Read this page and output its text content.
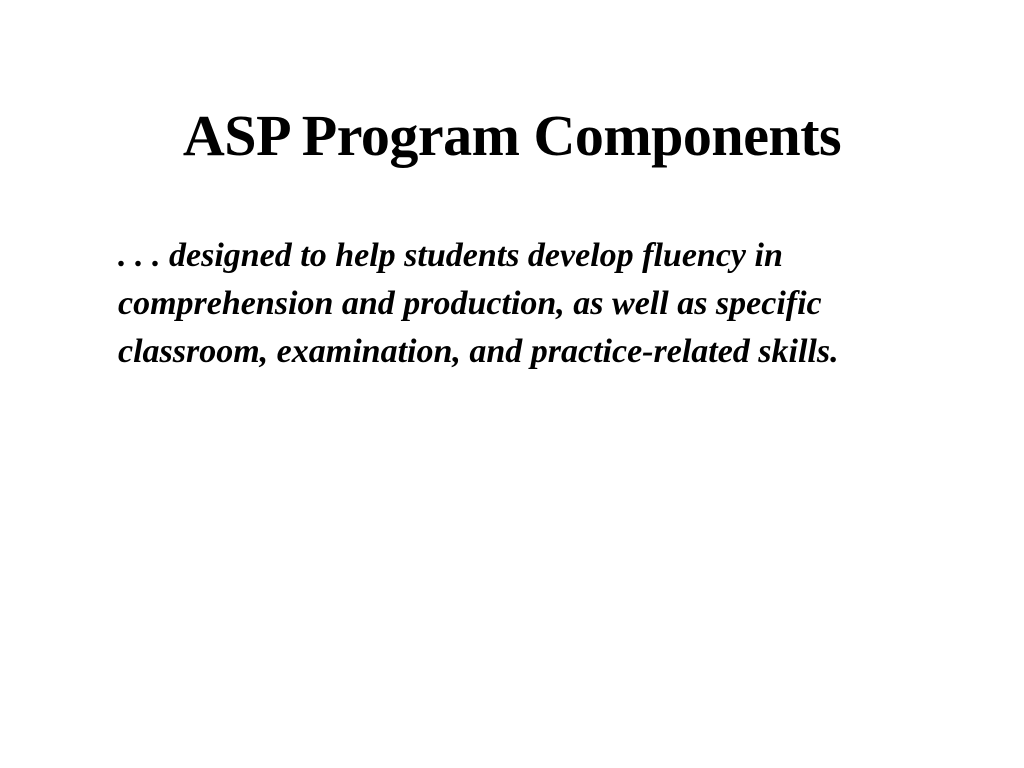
ASP Program Components

. . . designed to help students develop fluency in comprehension and production, as well as specific classroom, examination, and practice-related skills.
